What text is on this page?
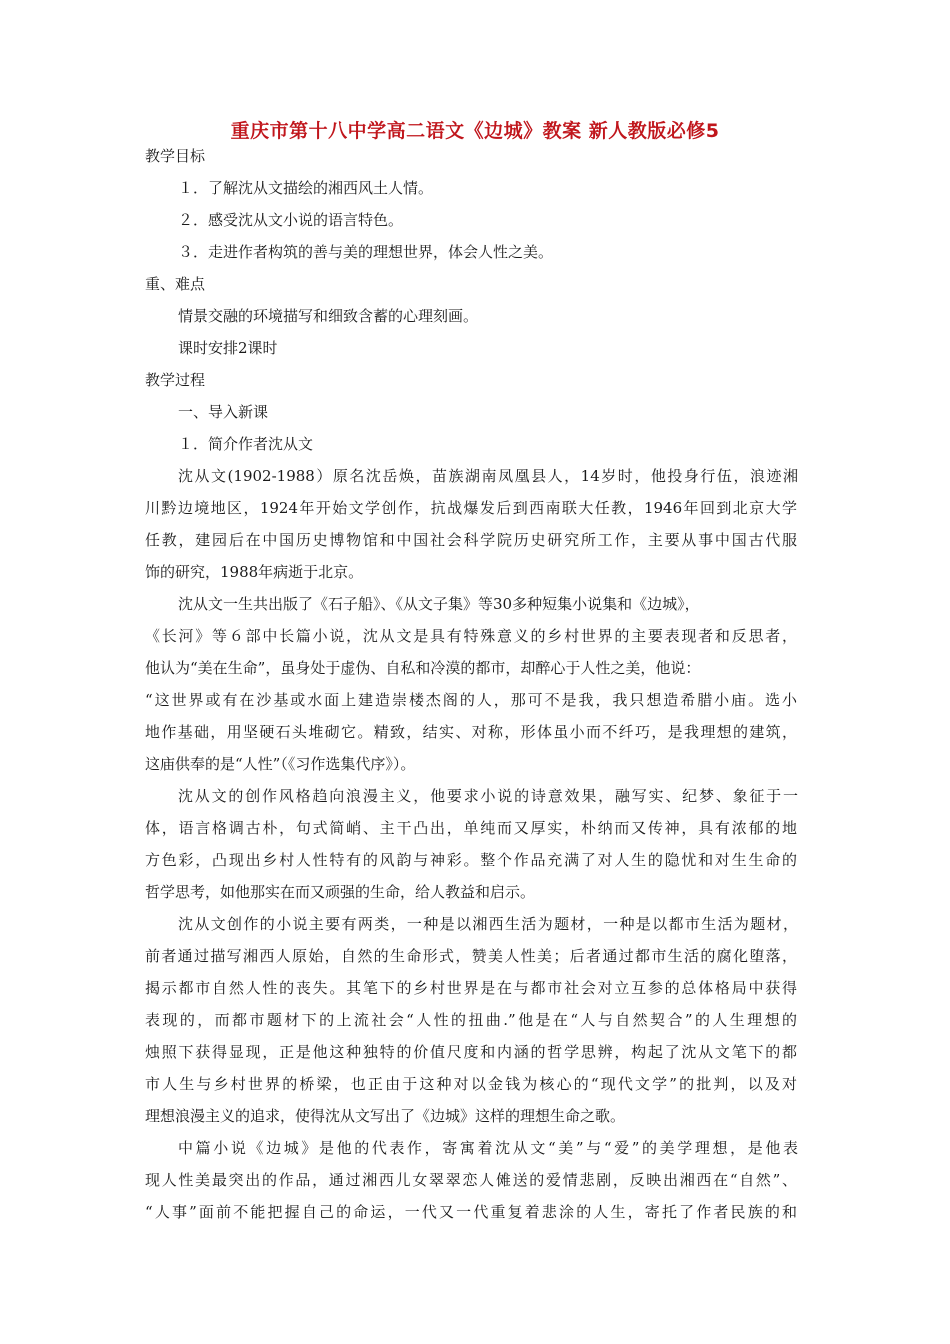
重庆市第十八中学高二语文《边城》教案 新人教版必修5

教学目标

１．了解沈从文描绘的湘西风土人情。

２．感受沈从文小说的语言特色。

３．走进作者构筑的善与美的理想世界，体会人性之美。

重、难点

情景交融的环境描写和细致含蓄的心理刻画。

课时安排2课时

教学过程

一、导入新课

１．简介作者沈从文

沈从文(1902-1988）原名沈岳焕，苗族湖南凤凰县人，14岁时，他投身行伍，浪迹湘

川黔边境地区，1924年开始文学创作，抗战爆发后到西南联大任教，1946年回到北京大学

任教，建园后在中国历史博物馆和中国社会科学院历史研究所工作，主要从事中国古代服

饰的研究，1988年病逝于北京。

沈从文一生共出版了《石子船》、《从文子集》等30多种短集小说集和《边城》，

《长河》等６部中长篇小说，沈从文是具有特殊意义的乡村世界的主要表现者和反思者，

他认为“美在生命”，虽身处于虚伪、自私和冷漠的都市，却醉心于人性之美，他说：

“这世界或有在沙基或水面上建造崇楼杰阁的人，那可不是我，我只想造希腊小庙。选小

地作基础，用坚硬石头堆砌它。精致，结实、对称，形体虽小而不纤巧，是我理想的建筑，

这庙供奉的是“人性”（《习作选集代序》）。

沈从文的创作风格趋向浪漫主义，他要求小说的诗意效果，融写实、纪梦、象征于一

体，语言格调古朴，句式简峭、主干凸出，单纯而又厚实，朴纳而又传神，具有浓郁的地

方色彩，凸现出乡村人性特有的风韵与神彩。整个作品充满了对人生的隐忧和对生生命的

哲学思考，如他那实在而又顽强的生命，给人教益和启示。

沈从文创作的小说主要有两类，一种是以湘西生活为题材，一种是以都市生活为题材，

前者通过描写湘西人原始，自然的生命形式，赞美人性美；后者通过都市生活的腐化堕落，

揭示都市自然人性的丧失。其笔下的乡村世界是在与都市社会对立互参的总体格局中获得

表现的，而都市题材下的上流社会“人性的扭曲.”他是在“人与自然契合”的人生理想的

烛照下获得显现，正是他这种独特的价值尺度和内涵的哲学思辨，构起了沈从文笔下的都

市人生与乡村世界的桥梁，也正由于这种对以金钱为核心的“现代文学”的批判，以及对

理想浪漫主义的追求，使得沈从文写出了《边城》这样的理想生命之歌。

中篇小说《边城》是他的代表作，寄寓着沈从文“美”与“爱”的美学理想，是他表

现人性美最突出的作品，通过湘西儿女翠翠恋人傩送的爱情悲剧，反映出湘西在“自然”、

“人事”面前不能把握自己的命运，一代又一代重复着悲涂的人生，寄托了作者民族的和
